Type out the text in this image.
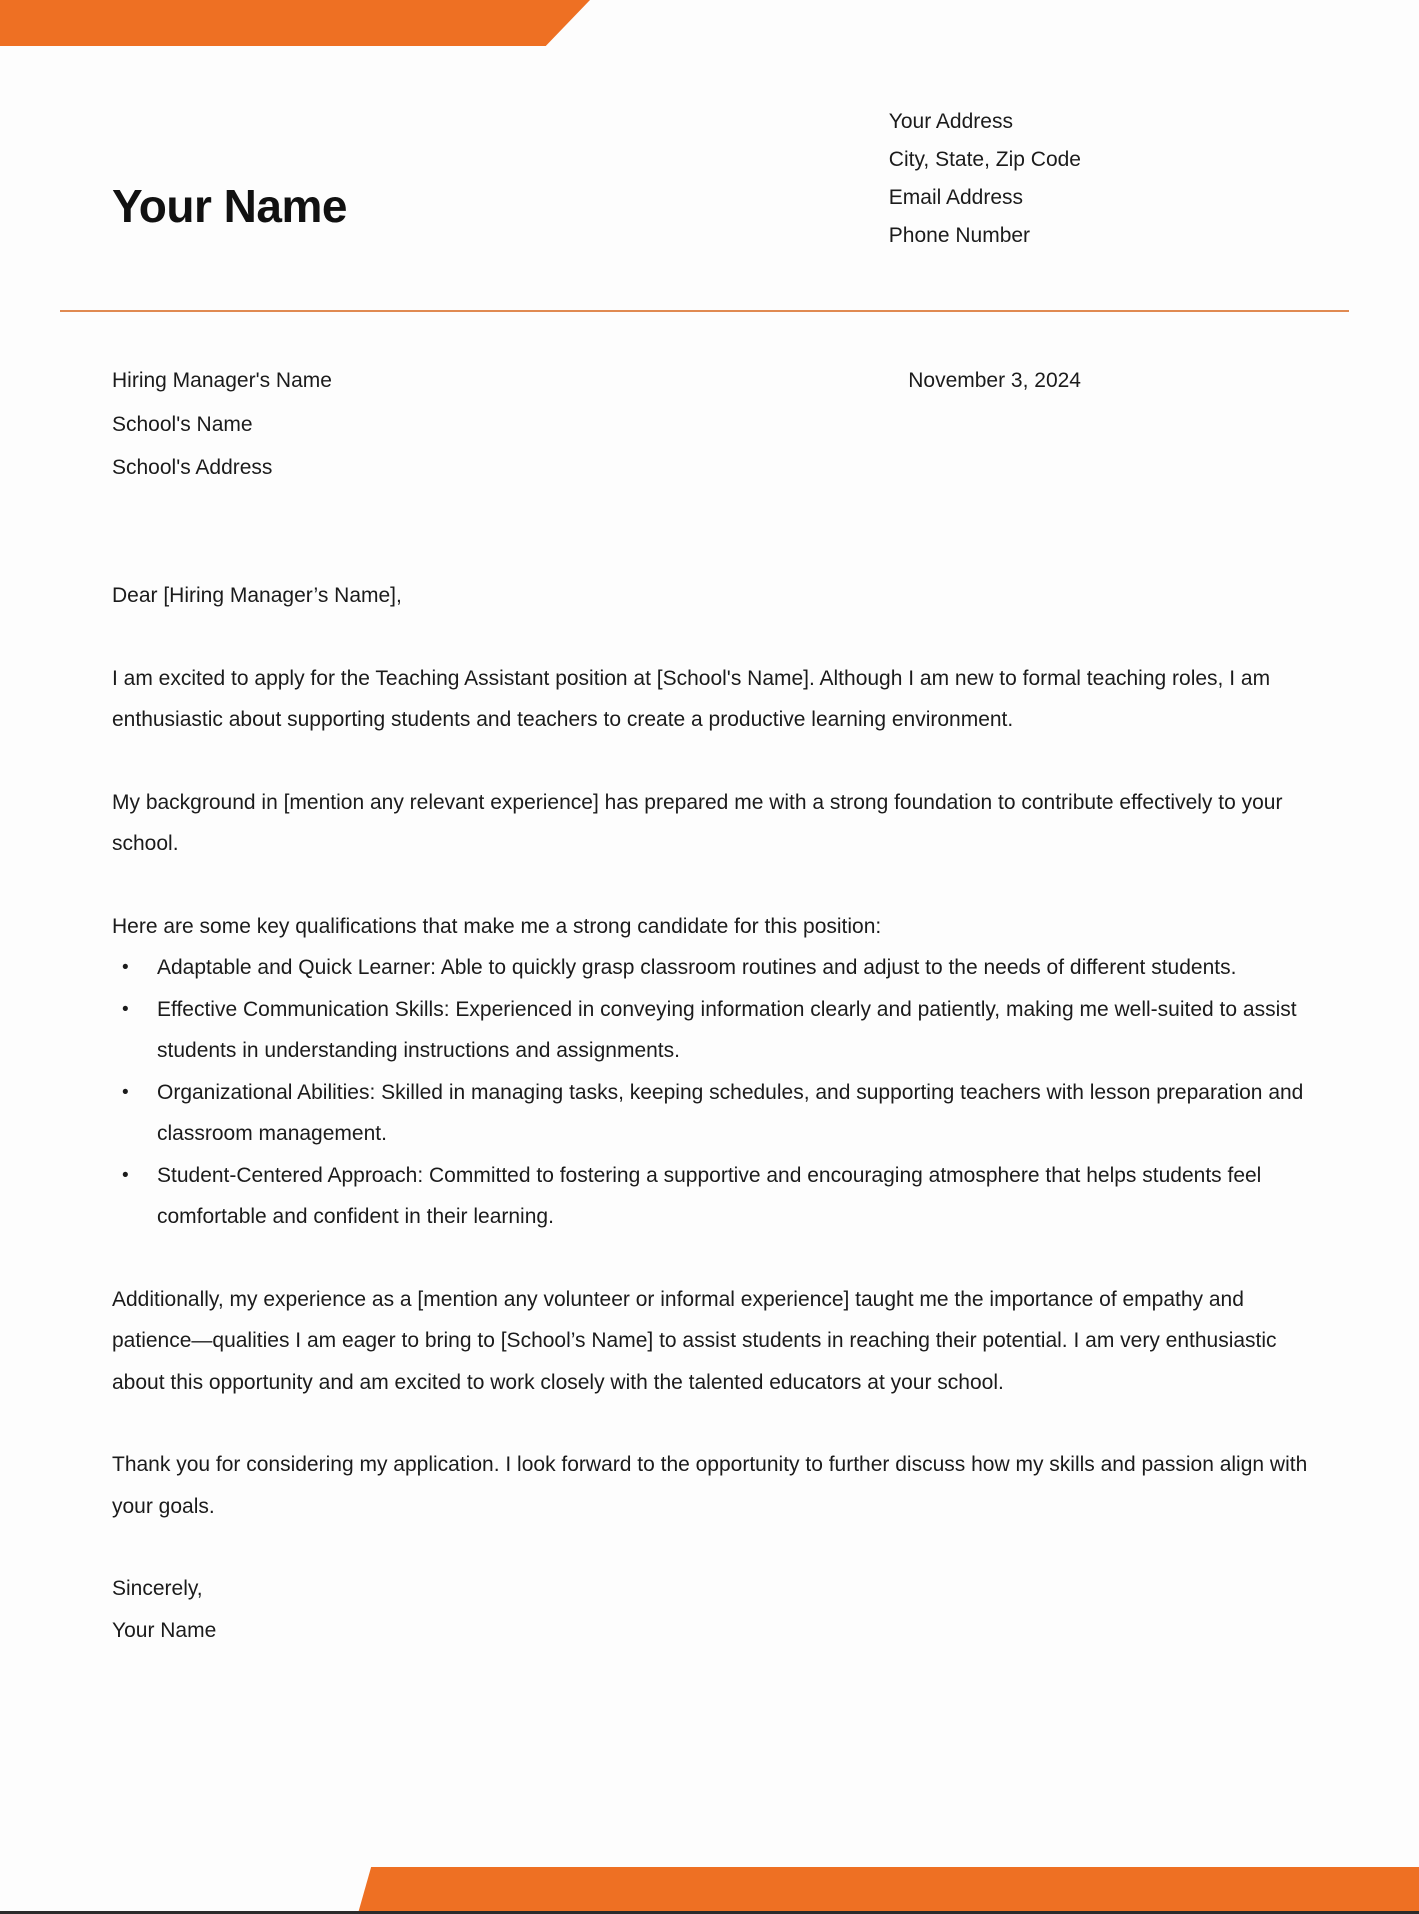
Your Name
Your Address
City, State, Zip Code
Email Address
Phone Number
Hiring Manager's Name
School's Name
School's Address
November 3, 2024

Dear [Hiring Manager’s Name],

I am excited to apply for the Teaching Assistant position at [School's Name]. Although I am new to formal teaching roles, I am enthusiastic about supporting students and teachers to create a productive learning environment.

My background in [mention any relevant experience] has prepared me with a strong foundation to contribute effectively to your school.

Here are some key qualifications that make me a strong candidate for this position:

• Adaptable and Quick Learner: Able to quickly grasp classroom routines and adjust to the needs of different students.
• Effective Communication Skills: Experienced in conveying information clearly and patiently, making me well-suited to assist students in understanding instructions and assignments.
• Organizational Abilities: Skilled in managing tasks, keeping schedules, and supporting teachers with lesson preparation and classroom management.
• Student-Centered Approach: Committed to fostering a supportive and encouraging atmosphere that helps students feel comfortable and confident in their learning.

Additionally, my experience as a [mention any volunteer or informal experience] taught me the importance of empathy and patience—qualities I am eager to bring to [School’s Name] to assist students in reaching their potential. I am very enthusiastic about this opportunity and am excited to work closely with the talented educators at your school.

Thank you for considering my application. I look forward to the opportunity to further discuss how my skills and passion align with your goals.

Sincerely,
Your Name
